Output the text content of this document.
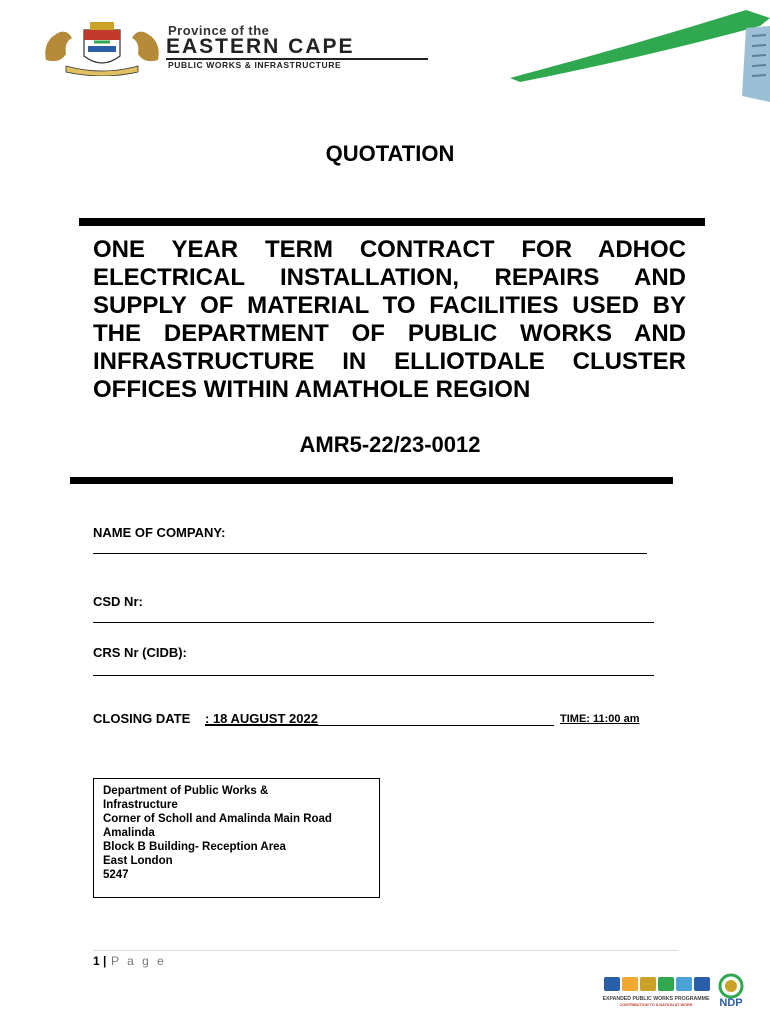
Province of the
EASTERN CAPE
PUBLIC WORKS & INFRASTRUCTURE
QUOTATION
ONE YEAR TERM CONTRACT FOR ADHOC ELECTRICAL INSTALLATION, REPAIRS AND SUPPLY OF MATERIAL TO FACILITIES USED BY THE DEPARTMENT OF PUBLIC WORKS AND INFRASTRUCTURE IN ELLIOTDALE CLUSTER OFFICES WITHIN AMATHOLE REGION
AMR5-22/23-0012
NAME OF COMPANY:
CSD Nr:
CRS Nr (CIDB):
CLOSING DATE : 18 AUGUST 2022	TIME: 11:00 am
Department of Public Works &
Infrastructure
Corner of Scholl and Amalinda Main Road
Amalinda
Block B Building- Reception Area
East London
5247
1 | P a g e
EXPANDED PUBLIC WORKS PROGRAMME
CONTRIBUTION TO A NATION AT WORK NDP
